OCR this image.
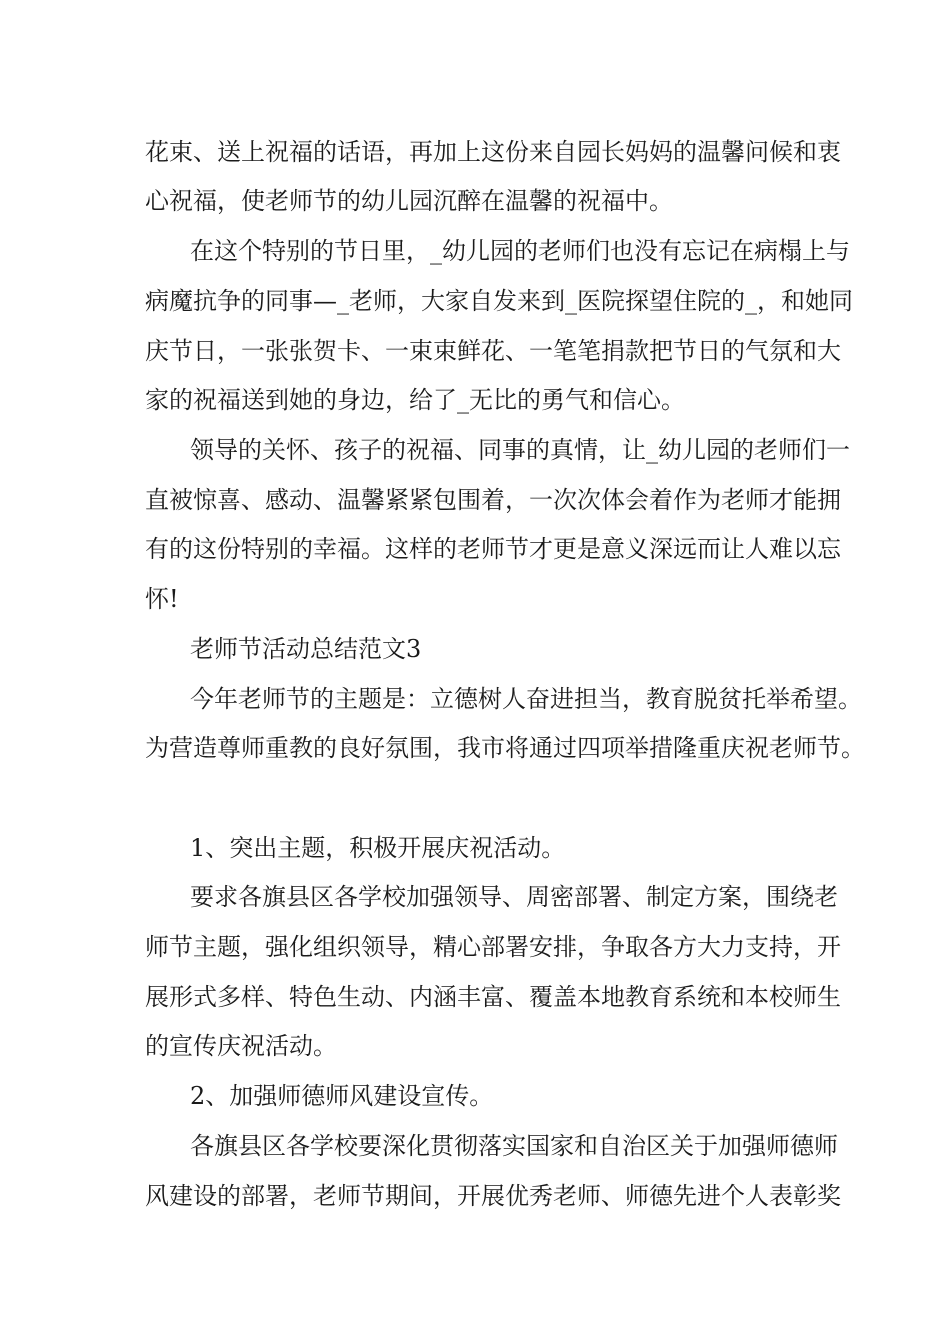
花束、送上祝福的话语，再加上这份来自园长妈妈的温馨问候和衷
心祝福，使老师节的幼儿园沉醉在温馨的祝福中。
在这个特别的节日里，_幼儿园的老师们也没有忘记在病榻上与
病魔抗争的同事—_老师，大家自发来到_医院探望住院的_，和她同
庆节日，一张张贺卡、一束束鲜花、一笔笔捐款把节日的气氛和大
家的祝福送到她的身边，给了_无比的勇气和信心。
领导的关怀、孩子的祝福、同事的真情，让_幼儿园的老师们一
直被惊喜、感动、温馨紧紧包围着，一次次体会着作为老师才能拥
有的这份特别的幸福。这样的老师节才更是意义深远而让人难以忘
怀!
老师节活动总结范文3
今年老师节的主题是：立德树人奋进担当，教育脱贫托举希望。
为营造尊师重教的良好氛围，我市将通过四项举措隆重庆祝老师节。
1、突出主题，积极开展庆祝活动。
要求各旗县区各学校加强领导、周密部署、制定方案，围绕老
师节主题，强化组织领导，精心部署安排，争取各方大力支持，开
展形式多样、特色生动、内涵丰富、覆盖本地教育系统和本校师生
的宣传庆祝活动。
2、加强师德师风建设宣传。
各旗县区各学校要深化贯彻落实国家和自治区关于加强师德师
风建设的部署，老师节期间，开展优秀老师、师德先进个人表彰奖
